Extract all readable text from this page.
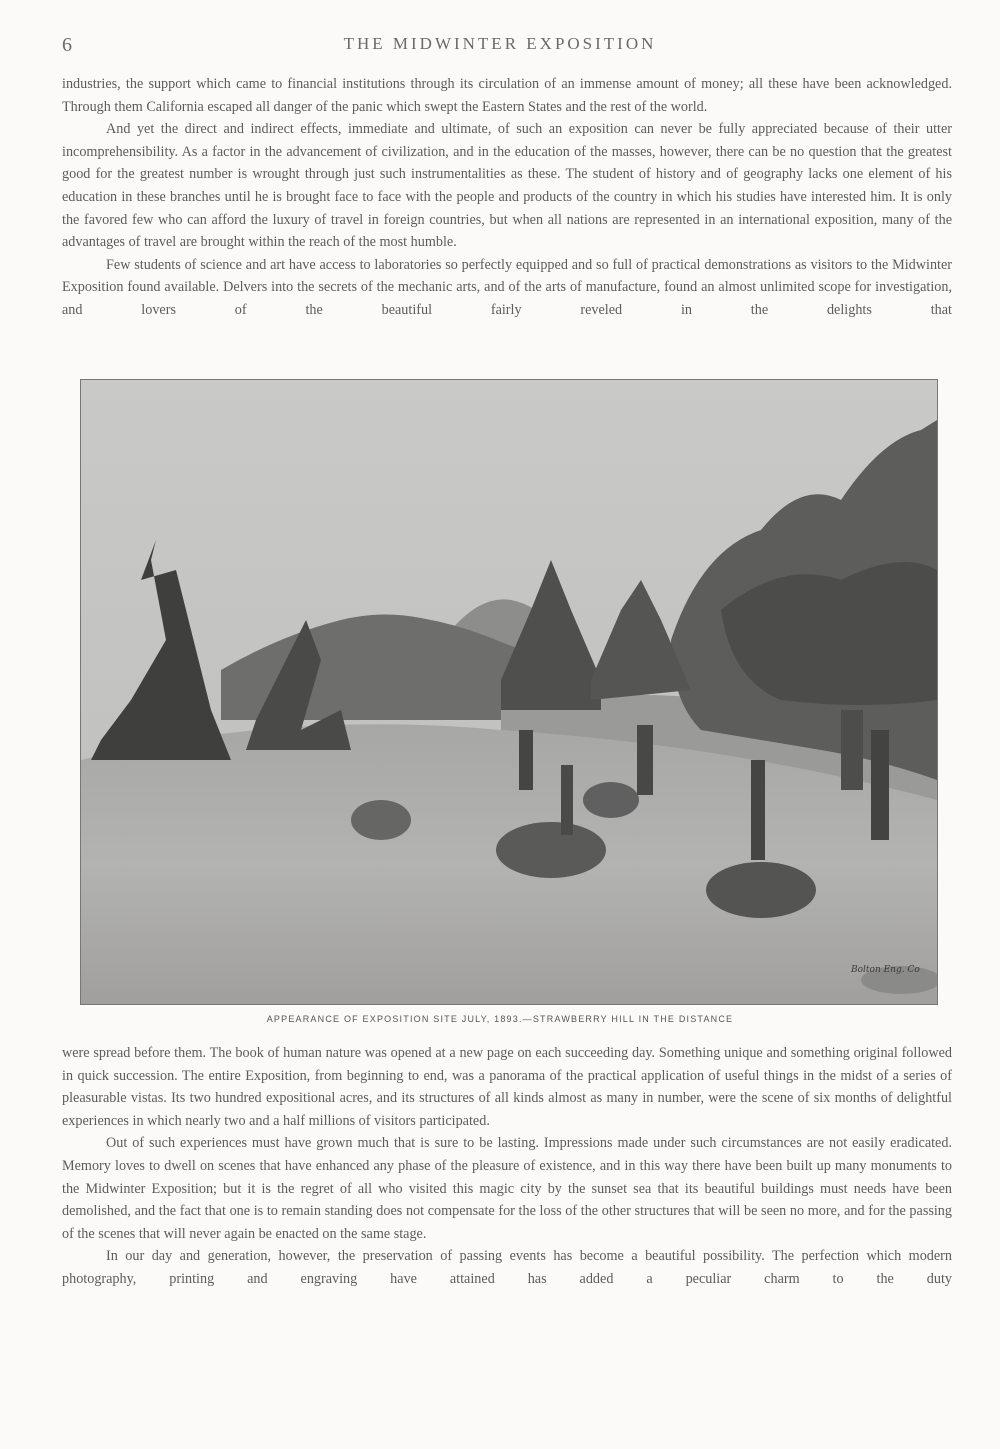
6	THE MIDWINTER EXPOSITION

industries, the support which came to financial institutions through its circulation of an immense amount of money; all these have been acknowledged. Through them California escaped all danger of the panic which swept the Eastern States and the rest of the world.

And yet the direct and indirect effects, immediate and ultimate, of such an exposition can never be fully appreciated because of their utter incomprehensibility. As a factor in the advancement of civilization, and in the education of the masses, however, there can be no question that the greatest good for the greatest number is wrought through just such instrumentalities as these. The student of history and of geography lacks one element of his education in these branches until he is brought face to face with the people and products of the country in which his studies have interested him. It is only the favored few who can afford the luxury of travel in foreign countries, but when all nations are represented in an international exposition, many of the advantages of travel are brought within the reach of the most humble.

Few students of science and art have access to laboratories so perfectly equipped and so full of practical demonstrations as visitors to the Midwinter Exposition found available. Delvers into the secrets of the mechanic arts, and of the arts of manufacture, found an almost unlimited scope for investigation, and lovers of the beautiful fairly reveled in the delights that

Bolton Eng. Co
APPEARANCE OF EXPOSITION SITE JULY, 1893.—STRAWBERRY HILL IN THE DISTANCE

were spread before them. The book of human nature was opened at a new page on each succeeding day. Something unique and something original followed in quick succession. The entire Exposition, from beginning to end, was a panorama of the practical application of useful things in the midst of a series of pleasurable vistas. Its two hundred expositional acres, and its structures of all kinds almost as many in number, were the scene of six months of delightful experiences in which nearly two and a half millions of visitors participated.

Out of such experiences must have grown much that is sure to be lasting. Impressions made under such circumstances are not easily eradicated. Memory loves to dwell on scenes that have enhanced any phase of the pleasure of existence, and in this way there have been built up many monuments to the Midwinter Exposition; but it is the regret of all who visited this magic city by the sunset sea that its beautiful buildings must needs have been demolished, and the fact that one is to remain standing does not compensate for the loss of the other structures that will be seen no more, and for the passing of the scenes that will never again be enacted on the same stage.

In our day and generation, however, the preservation of passing events has become a beautiful possibility. The perfection which modern photography, printing and engraving have attained has added a peculiar charm to the duty
